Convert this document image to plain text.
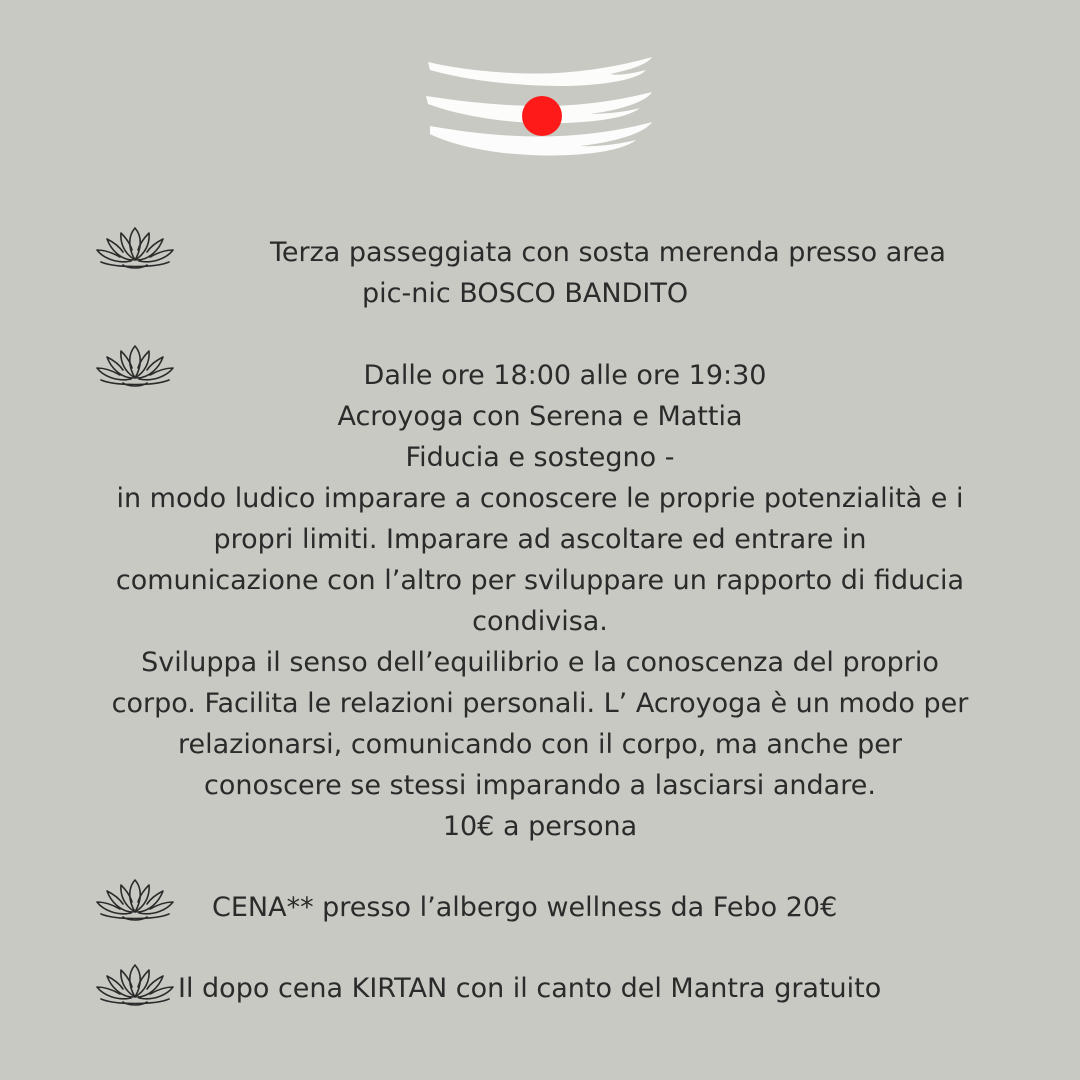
Terza passeggiata con sosta merenda presso area
pic-nic BOSCO BANDITO
Dalle ore 18:00 alle ore 19:30
Acroyoga con Serena e Mattia
Fiducia e sostegno -
in modo ludico imparare a conoscere le proprie potenzialità e i
propri limiti. Imparare ad ascoltare ed entrare in
comunicazione con l’altro per sviluppare un rapporto di fiducia
condivisa.
Sviluppa il senso dell’equilibrio e la conoscenza del proprio
corpo. Facilita le relazioni personali. L’ Acroyoga è un modo per
relazionarsi, comunicando con il corpo, ma anche per
conoscere se stessi imparando a lasciarsi andare.
10€ a persona
CENA** presso l’albergo wellness da Febo 20€
Il dopo cena KIRTAN con il canto del Mantra gratuito
